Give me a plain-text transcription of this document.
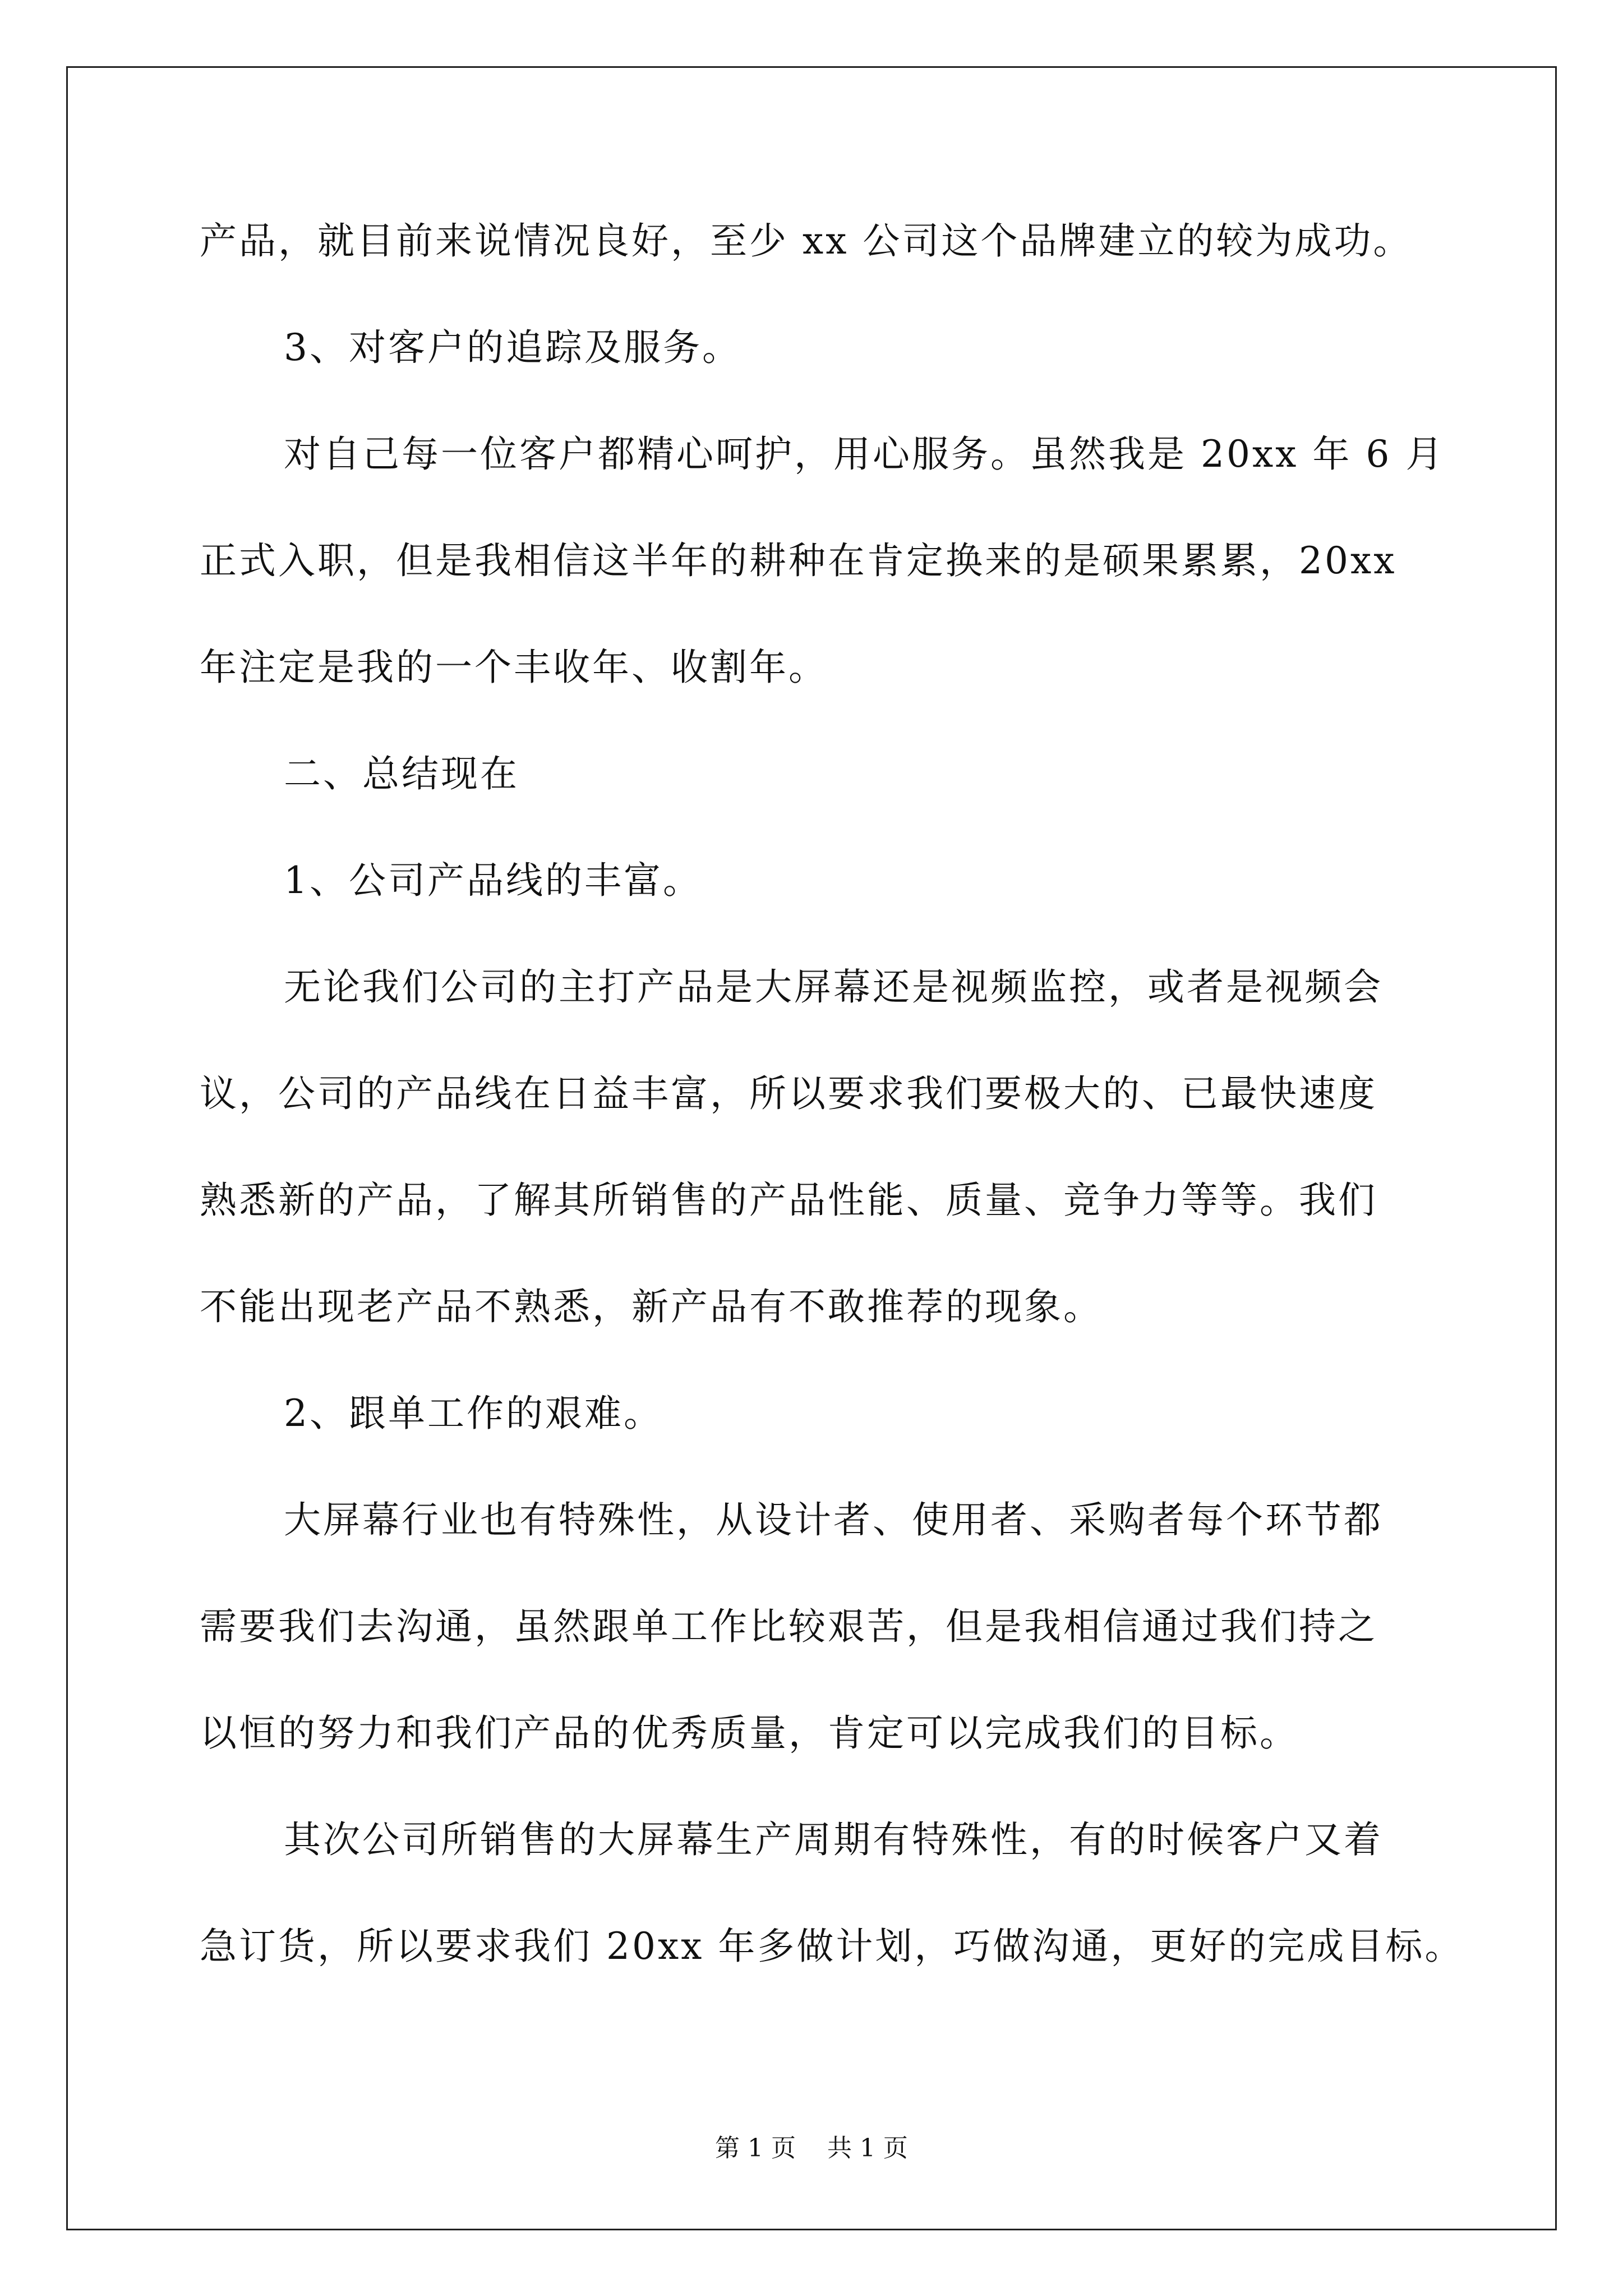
产品，就目前来说情况良好，至少 xx 公司这个品牌建立的较为成功。
3、对客户的追踪及服务。
对自己每一位客户都精心呵护，用心服务。虽然我是 20xx 年 6 月
正式入职，但是我相信这半年的耕种在肯定换来的是硕果累累，20xx
年注定是我的一个丰收年、收割年。
二、总结现在
1、公司产品线的丰富。
无论我们公司的主打产品是大屏幕还是视频监控，或者是视频会
议，公司的产品线在日益丰富，所以要求我们要极大的、已最快速度
熟悉新的产品，了解其所销售的产品性能、质量、竞争力等等。我们
不能出现老产品不熟悉，新产品有不敢推荐的现象。
2、跟单工作的艰难。
大屏幕行业也有特殊性，从设计者、使用者、采购者每个环节都
需要我们去沟通，虽然跟单工作比较艰苦，但是我相信通过我们持之
以恒的努力和我们产品的优秀质量，肯定可以完成我们的目标。
其次公司所销售的大屏幕生产周期有特殊性，有的时候客户又着
急订货，所以要求我们 20xx 年多做计划，巧做沟通，更好的完成目标。
第 1 页    共 1 页
